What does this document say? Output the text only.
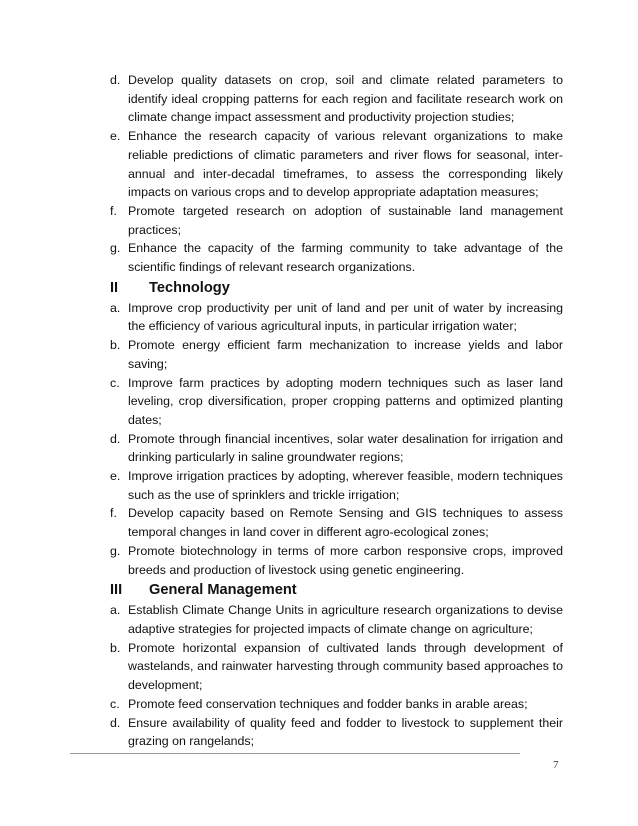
d. Develop quality datasets on crop, soil and climate related parameters to identify ideal cropping patterns for each region and facilitate research work on climate change impact assessment and productivity projection studies;
e. Enhance the research capacity of various relevant organizations to make reliable predictions of climatic parameters and river flows for seasonal, inter-annual and inter-decadal timeframes, to assess the corresponding likely impacts on various crops and to develop appropriate adaptation measures;
f. Promote targeted research on adoption of sustainable land management practices;
g. Enhance the capacity of the farming community to take advantage of the scientific findings of relevant research organizations.
II	Technology
a. Improve crop productivity per unit of land and per unit of water by increasing the efficiency of various agricultural inputs, in particular irrigation water;
b. Promote energy efficient farm mechanization to increase yields and labor saving;
c. Improve farm practices by adopting modern techniques such as laser land leveling, crop diversification, proper cropping patterns and optimized planting dates;
d. Promote through financial incentives, solar water desalination for irrigation and drinking particularly in saline groundwater regions;
e. Improve irrigation practices by adopting, wherever feasible, modern techniques such as the use of sprinklers and trickle irrigation;
f. Develop capacity based on Remote Sensing and GIS techniques to assess temporal changes in land cover in different agro-ecological zones;
g. Promote biotechnology in terms of more carbon responsive crops, improved breeds and production of livestock using genetic engineering.
III	General Management
a. Establish Climate Change Units in agriculture research organizations to devise adaptive strategies for projected impacts of climate change on agriculture;
b. Promote horizontal expansion of cultivated lands through development of wastelands, and rainwater harvesting through community based approaches to development;
c. Promote feed conservation techniques and fodder banks in arable areas;
d. Ensure availability of quality feed and fodder to livestock to supplement their grazing on rangelands;
7
